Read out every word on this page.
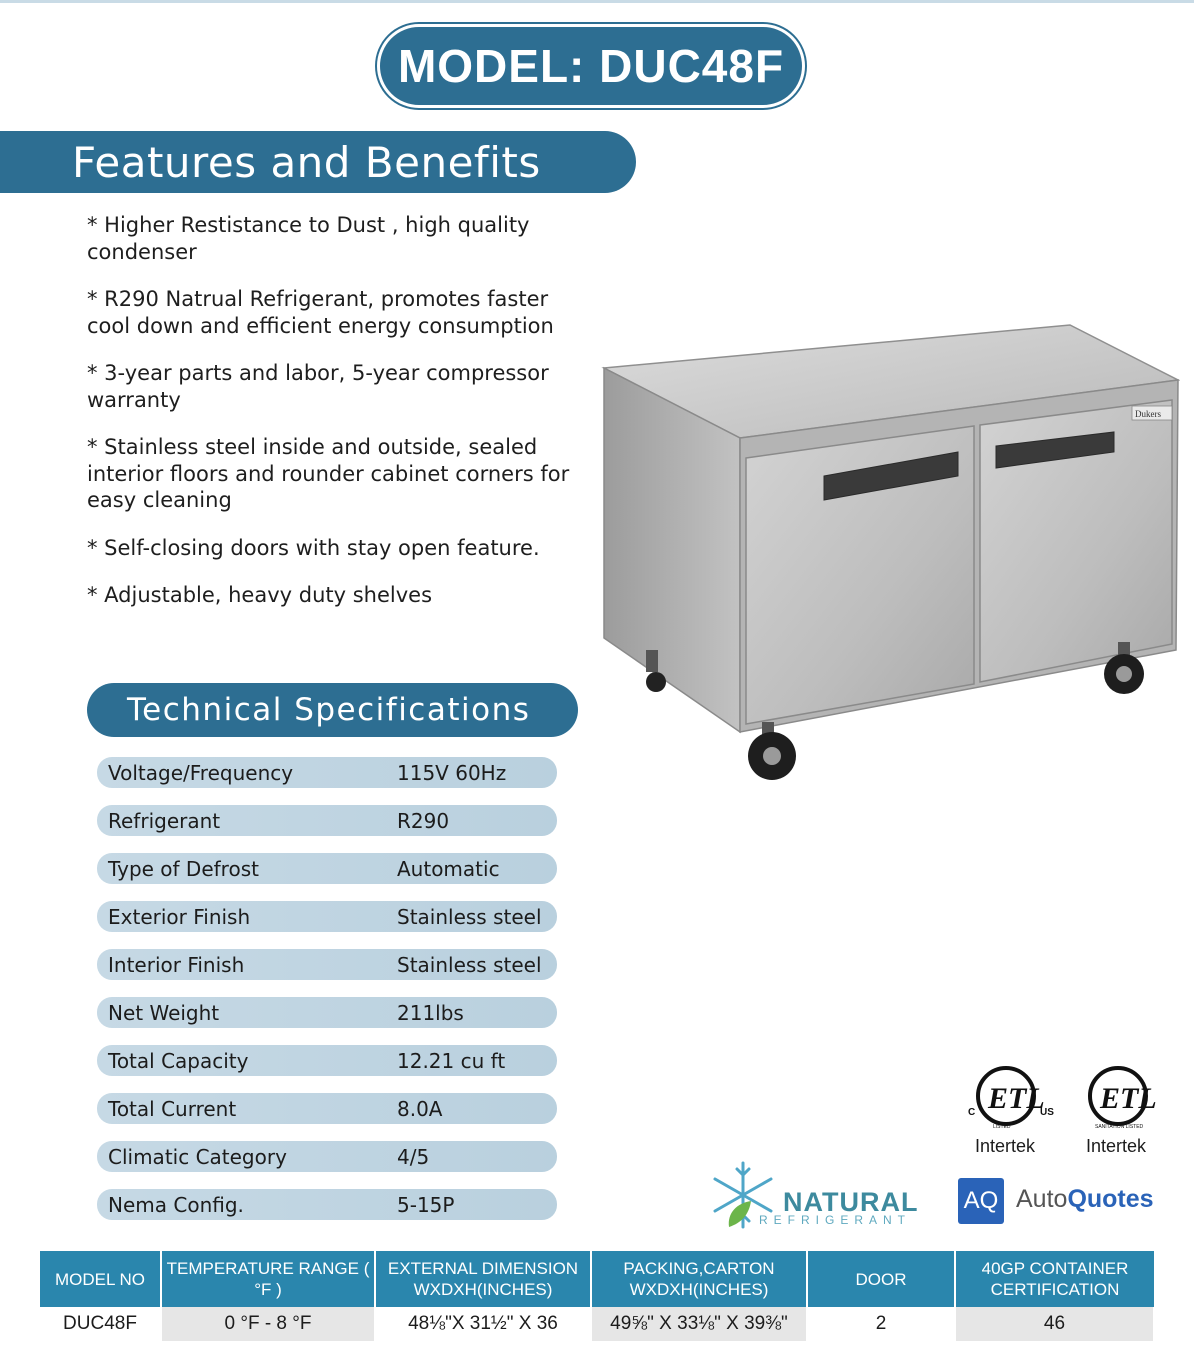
MODEL: DUC48F
Features and Benefits

* Higher Restistance to Dust , high quality condenser

* R290 Natrual Refrigerant, promotes faster cool down and efficient energy consumption

* 3-year parts and labor, 5-year compressor warranty

* Stainless steel inside and outside, sealed interior floors and rounder cabinet corners for easy cleaning

* Self-closing doors with stay open feature.

* Adjustable, heavy duty shelves

Technical Specifications
Voltage/Frequency	115V 60Hz
Refrigerant	R290
Type of Defrost	Automatic
Exterior Finish	Stainless steel
Interior Finish	Stainless steel
Net Weight	211lbs
Total Capacity	12.21 cu ft
Total Current	8.0A
Climatic Category	4/5
Nema Config.	5-15P
Dukers
ETL
C	US
LISTED
Intertek
ETL
SANITATION LISTED
Intertek
NATURAL
REFRIGERANT
AQ AutoQuotes
MODEL NO	TEMPERATURE RANGE ( °F )	EXTERNAL DIMENSION WXDXH(INCHES)	PACKING,CARTON WXDXH(INCHES)	DOOR	40GP CONTAINER CERTIFICATION
DUC48F	0 °F - 8 °F	48⅛"X 31½" X 36	49⅝" X 33⅛" X 39⅜"	2	46
